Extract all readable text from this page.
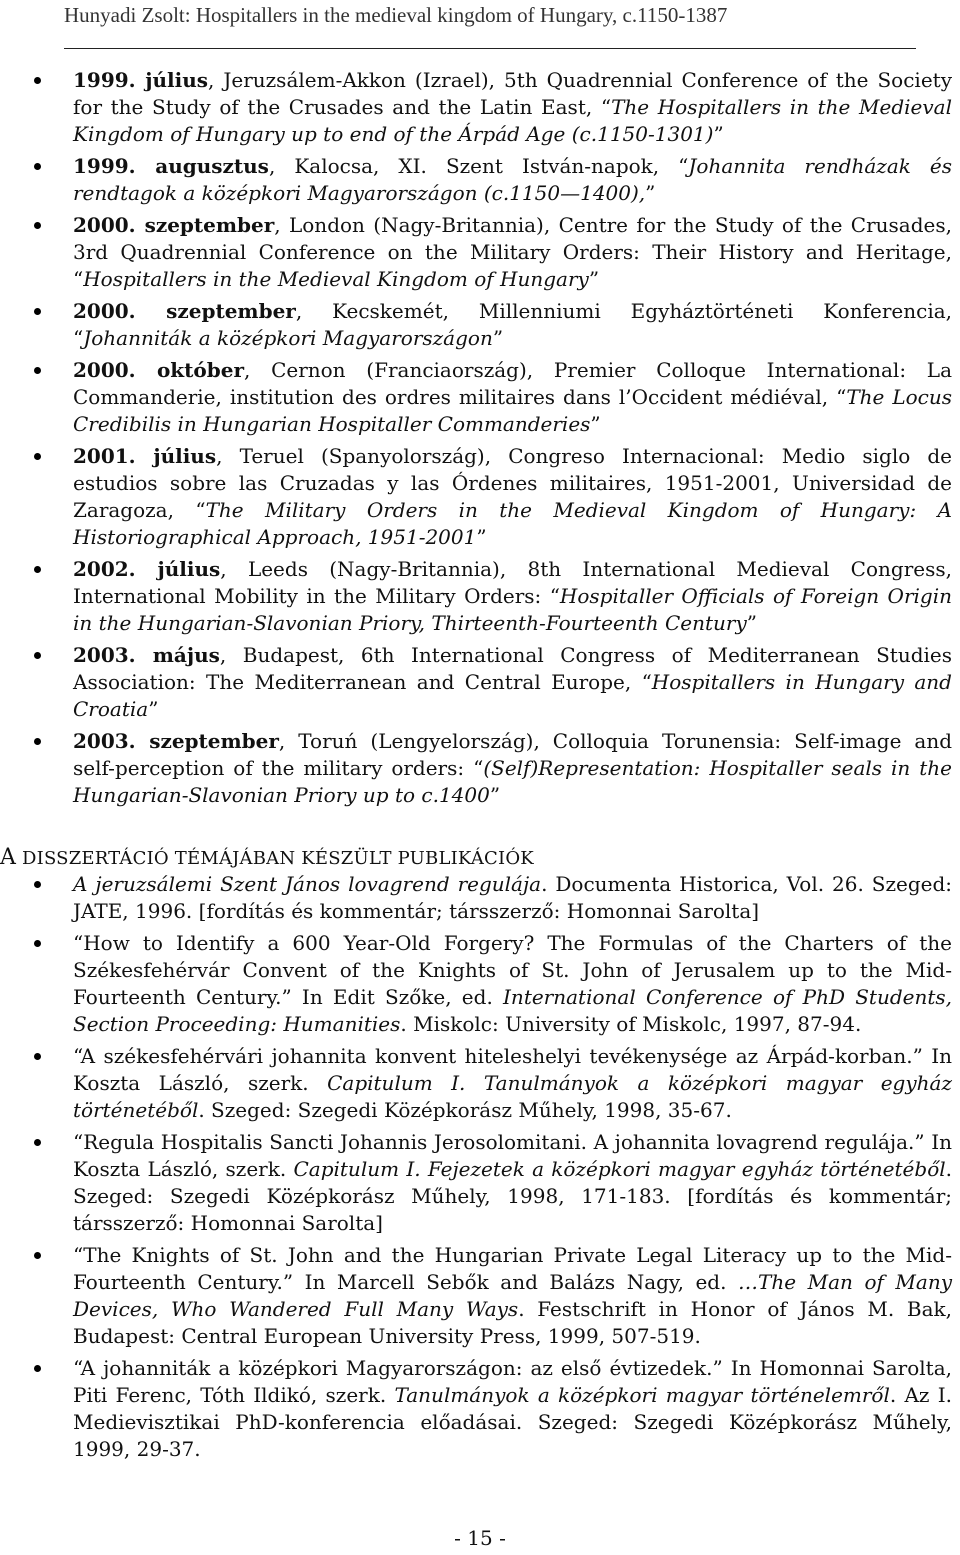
Hunyadi Zsolt: Hospitallers in the medieval kingdom of Hungary, c.1150-1387
1999. július, Jeruzsálem-Akkon (Izrael), 5th Quadrennial Conference of the Society for the Study of the Crusades and the Latin East, “The Hospitallers in the Medieval Kingdom of Hungary up to end of the Árpád Age (c.1150-1301)”
1999. augusztus, Kalocsa, XI. Szent István-napok, “Johannita rendházak és rendtagok a középkori Magyarországon (c.1150—1400),”
2000. szeptember, London (Nagy-Britannia), Centre for the Study of the Crusades, 3rd Quadrennial Conference on the Military Orders: Their History and Heritage, “Hospitallers in the Medieval Kingdom of Hungary”
2000. szeptember, Kecskemét, Millenniumi Egyháztörténeti Konferencia, “Johanniták a középkori Magyarországon”
2000. október, Cernon (Franciaország), Premier Colloque International: La Commanderie, institution des ordres militaires dans l’Occident médiéval, “The Locus Credibilis in Hungarian Hospitaller Commanderies”
2001. július, Teruel (Spanyolország), Congreso Internacional: Medio siglo de estudios sobre las Cruzadas y las Órdenes militaires, 1951-2001, Universidad de Zaragoza, “The Military Orders in the Medieval Kingdom of Hungary: A Historiographical Approach, 1951-2001”
2002. július, Leeds (Nagy-Britannia), 8th International Medieval Congress, International Mobility in the Military Orders: “Hospitaller Officials of Foreign Origin in the Hungarian-Slavonian Priory, Thirteenth-Fourteenth Century”
2003. május, Budapest, 6th International Congress of Mediterranean Studies Association: The Mediterranean and Central Europe, “Hospitallers in Hungary and Croatia”
2003. szeptember, Toruń (Lengyelország), Colloquia Torunensia: Self-image and self-perception of the military orders: “(Self)Representation: Hospitaller seals in the Hungarian-Slavonian Priory up to c.1400”
A DISSZERTÁCIÓ TÉMÁJÁBAN KÉSZÜLT PUBLIKÁCIÓK
A jeruzsálemi Szent János lovagrend regulája. Documenta Historica, Vol. 26. Szeged: JATE, 1996. [fordítás és kommentár; társszerző: Homonnai Sarolta]
“How to Identify a 600 Year-Old Forgery? The Formulas of the Charters of the Székesfehérvár Convent of the Knights of St. John of Jerusalem up to the Mid-Fourteenth Century.” In Edit Szőke, ed. International Conference of PhD Students, Section Proceeding: Humanities. Miskolc: University of Miskolc, 1997, 87-94.
“A székesfehérvári johannita konvent hiteleshelyi tevékenysége az Árpád-korban.” In Koszta László, szerk. Capitulum I. Tanulmányok a középkori magyar egyház történetéből. Szeged: Szegedi Középkorász Műhely, 1998, 35-67.
“Regula Hospitalis Sancti Johannis Jerosolomitani. A johannita lovagrend regulája.” In Koszta László, szerk. Capitulum I. Fejezetek a középkori magyar egyház történetéből. Szeged: Szegedi Középkorász Műhely, 1998, 171-183. [fordítás és kommentár; társszerző: Homonnai Sarolta]
“The Knights of St. John and the Hungarian Private Legal Literacy up to the Mid-Fourteenth Century.” In Marcell Sebők and Balázs Nagy, ed. …The Man of Many Devices, Who Wandered Full Many Ways. Festschrift in Honor of János M. Bak, Budapest: Central European University Press, 1999, 507-519.
“A johanniták a középkori Magyarországon: az első évtizedek.” In Homonnai Sarolta, Piti Ferenc, Tóth Ildikó, szerk. Tanulmányok a középkori magyar történelemről. Az I. Medievisztikai PhD-konferencia előadásai. Szeged: Szegedi Középkorász Műhely, 1999, 29-37.
- 15 -
